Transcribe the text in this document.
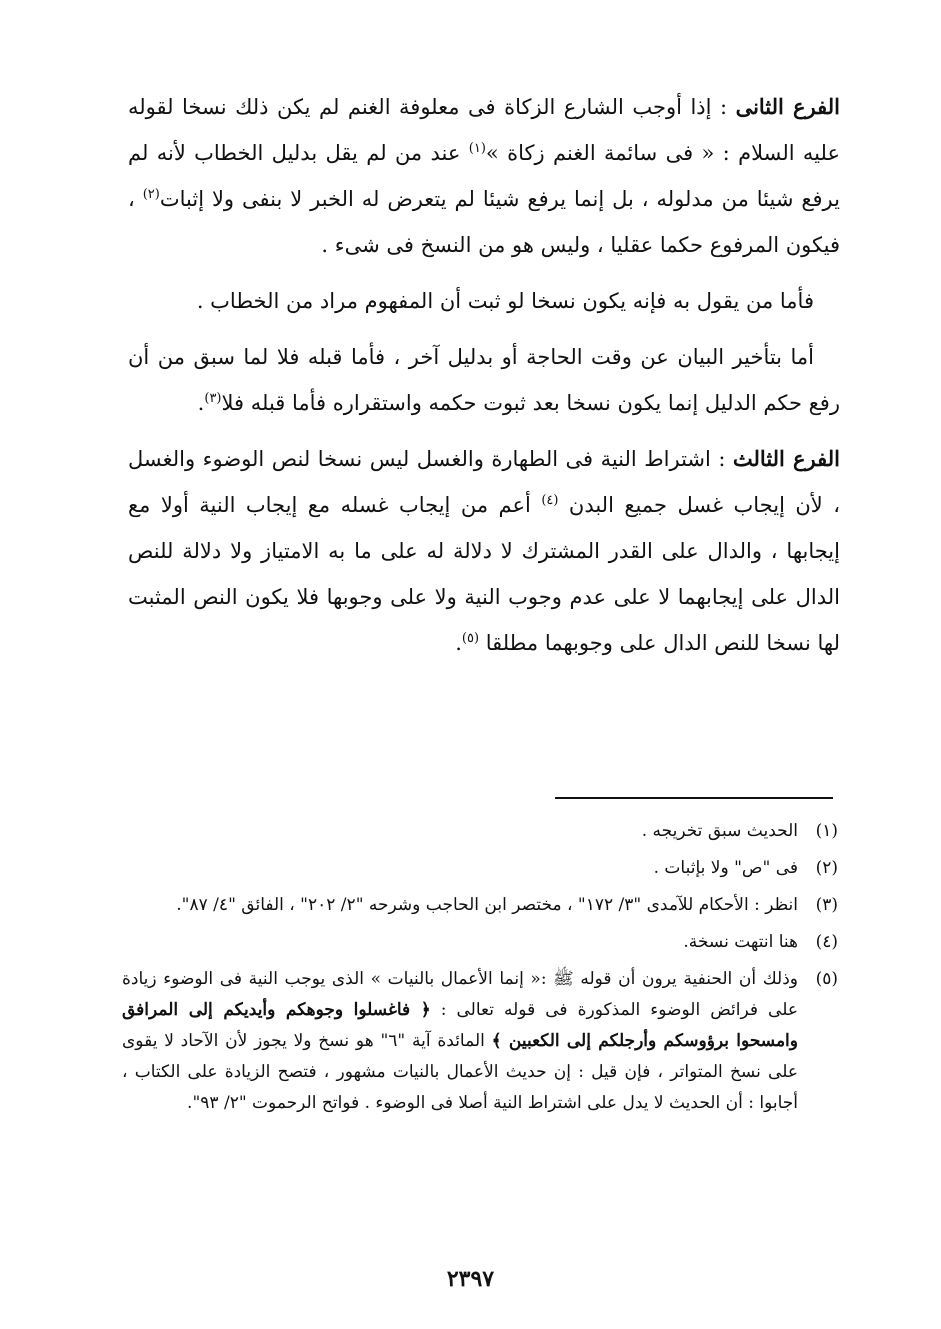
الفرع الثانى : إذا أوجب الشارع الزكاة فى معلوفة الغنم لم يكن ذلك نسخا لقوله عليه السلام : « فى سائمة الغنم زكاة »$^{(١)}$ عند من لم يقل بدليل الخطاب لأنه لم يرفع شيئا من مدلوله ، بل إنما يرفع شيئا لم يتعرض له الخبر لا بنفى ولا إثبات$^{(٢)}$ ، فيكون المرفوع حكما عقليا ، وليس هو من النسخ فى شىء .

فأما من يقول به فإنه يكون نسخا لو ثبت أن المفهوم مراد من الخطاب .

أما بتأخير البيان عن وقت الحاجة أو بدليل آخر ، فأما قبله فلا لما سبق من أن رفع حكم الدليل إنما يكون نسخا بعد ثبوت حكمه واستقراره فأما قبله فلا$^{(٣)}$.

الفرع الثالث : اشتراط النية فى الطهارة والغسل ليس نسخا لنص الوضوء والغسل ، لأن إيجاب غسل جميع البدن $^{(٤)}$ أعم من إيجاب غسله مع إيجاب النية أولا مع إيجابها ، والدال على القدر المشترك لا دلالة له على ما به الامتياز ولا دلالة للنص الدال على إيجابهما لا على عدم وجوب النية ولا على وجوبها فلا يكون النص المثبت لها نسخا للنص الدال على وجوبهما مطلقا $^{(٥)}$.

(١)
الحديث سبق تخريجه .
(٢)
فى "ص" ولا بإثبات .
(٣)
انظر : الأحكام للآمدى "٣/ ١٧٢" ، مختصر ابن الحاجب وشرحه "٢/ ٢٠٢" ، الفائق "٤/ ٨٧".
(٤)
هنا انتهت نسخة.
(٥)
وذلك أن الحنفية يرون أن قوله ﷺ :« إنما الأعمال بالنيات » الذى يوجب النية فى الوضوء زيادة على فرائض الوضوء المذكورة فى قوله تعالى : ﴿ فاغسلوا وجوهكم وأيديكم إلى المرافق وامسحوا برؤوسكم وأرجلكم إلى الكعبين ﴾ المائدة آية "٦" هو نسخ ولا يجوز لأن الآحاد لا يقوى على نسخ المتواتر ، فإن قيل : إن حديث الأعمال بالنيات مشهور ، فتصح الزيادة على الكتاب ، أجابوا : أن الحديث لا يدل على اشتراط النية أصلا فى الوضوء . فواتح الرحموت "٢/ ٩٣".
٢٣٩٧
